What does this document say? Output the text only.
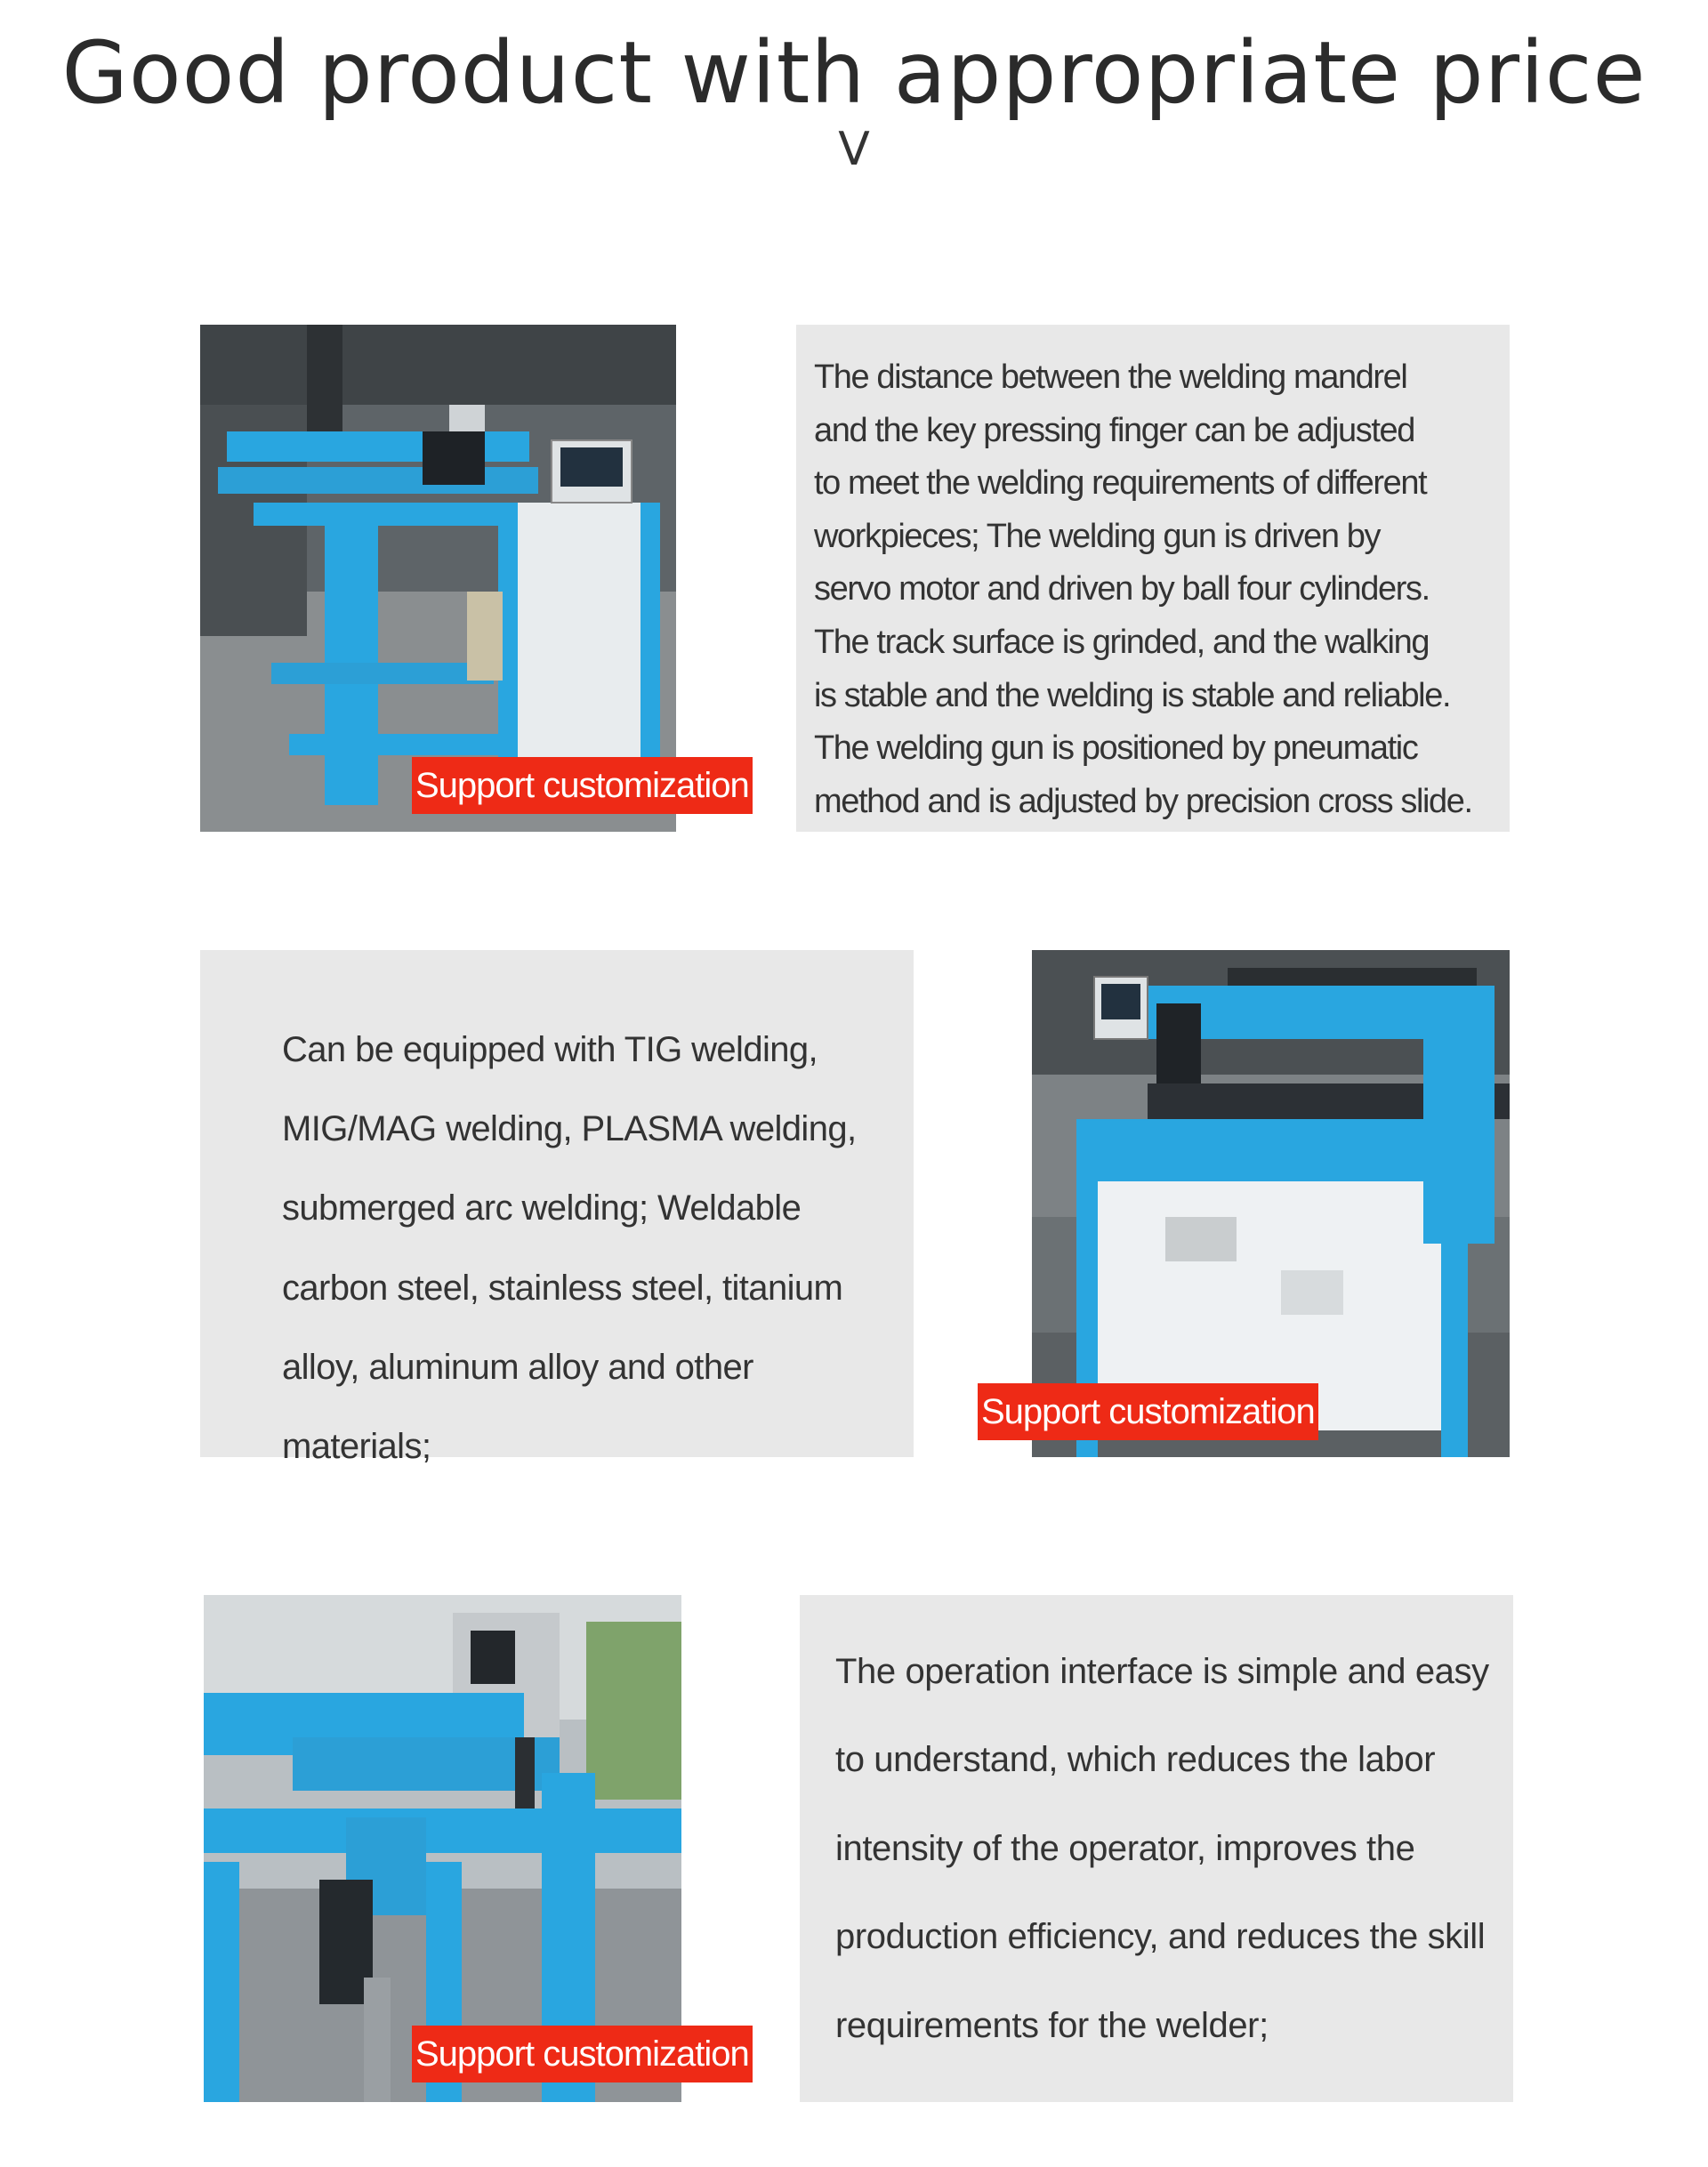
Good product with appropriate price
V
Support customization

The distance between the welding mandrel

and the key pressing finger can be adjusted

to meet the welding requirements of different

workpieces; The welding gun is driven by

servo motor and driven by ball four cylinders.

The track surface is grinded, and the walking

is stable and the welding is stable and reliable.

The welding gun is positioned by pneumatic

method and is adjusted by precision cross slide.

Can be equipped with TIG welding,

MIG/MAG welding, PLASMA welding,

submerged arc welding; Weldable

carbon steel, stainless steel, titanium

alloy, aluminum alloy and other

materials;

Support customization
Support customization

The operation interface is simple and easy

to understand, which reduces the labor

intensity of the operator, improves the

production efficiency, and reduces the skill

requirements for the welder;
